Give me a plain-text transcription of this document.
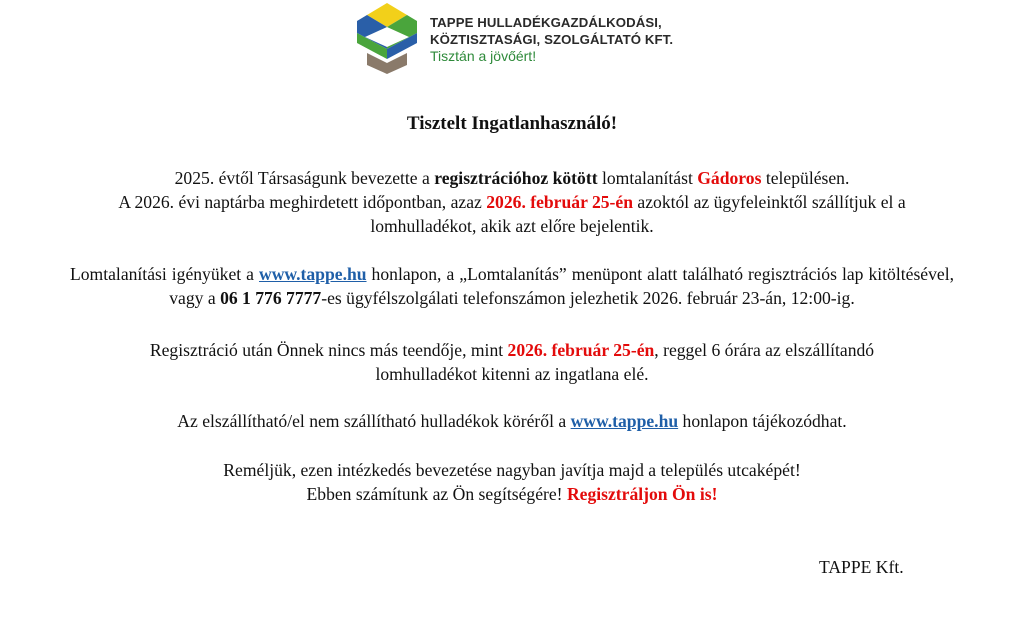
TAPPE HULLADÉKGAZDÁLKODÁSI,
KÖZTISZTASÁGI, SZOLGÁLTATÓ KFT.
Tisztán a jövőért!
Tisztelt Ingatlanhasználó!
2025. évtől Társaságunk bevezette a regisztrációhoz kötött lomtalanítást Gádoros településen.
A 2026. évi naptárba meghirdetett időpontban, azaz 2026. február 25-én azoktól az ügyfeleinktől szállítjuk el a
lomhulladékot, akik azt előre bejelentik.
Lomtalanítási igényüket a www.tappe.hu honlapon, a „Lomtalanítás” menüpont alatt található regisztrációs lap kitöltésével, vagy a 06 1 776 7777-es ügyfélszolgálati telefonszámon jelezhetik 2026. február 23-án, 12:00-ig.
Regisztráció után Önnek nincs más teendője, mint 2026. február 25-én, reggel 6 órára az elszállítandó
lomhulladékot kitenni az ingatlana elé.
Az elszállítható/el nem szállítható hulladékok köréről a www.tappe.hu honlapon tájékozódhat.
Reméljük, ezen intézkedés bevezetése nagyban javítja majd a település utcaképét!
Ebben számítunk az Ön segítségére! Regisztráljon Ön is!
TAPPE Kft.
